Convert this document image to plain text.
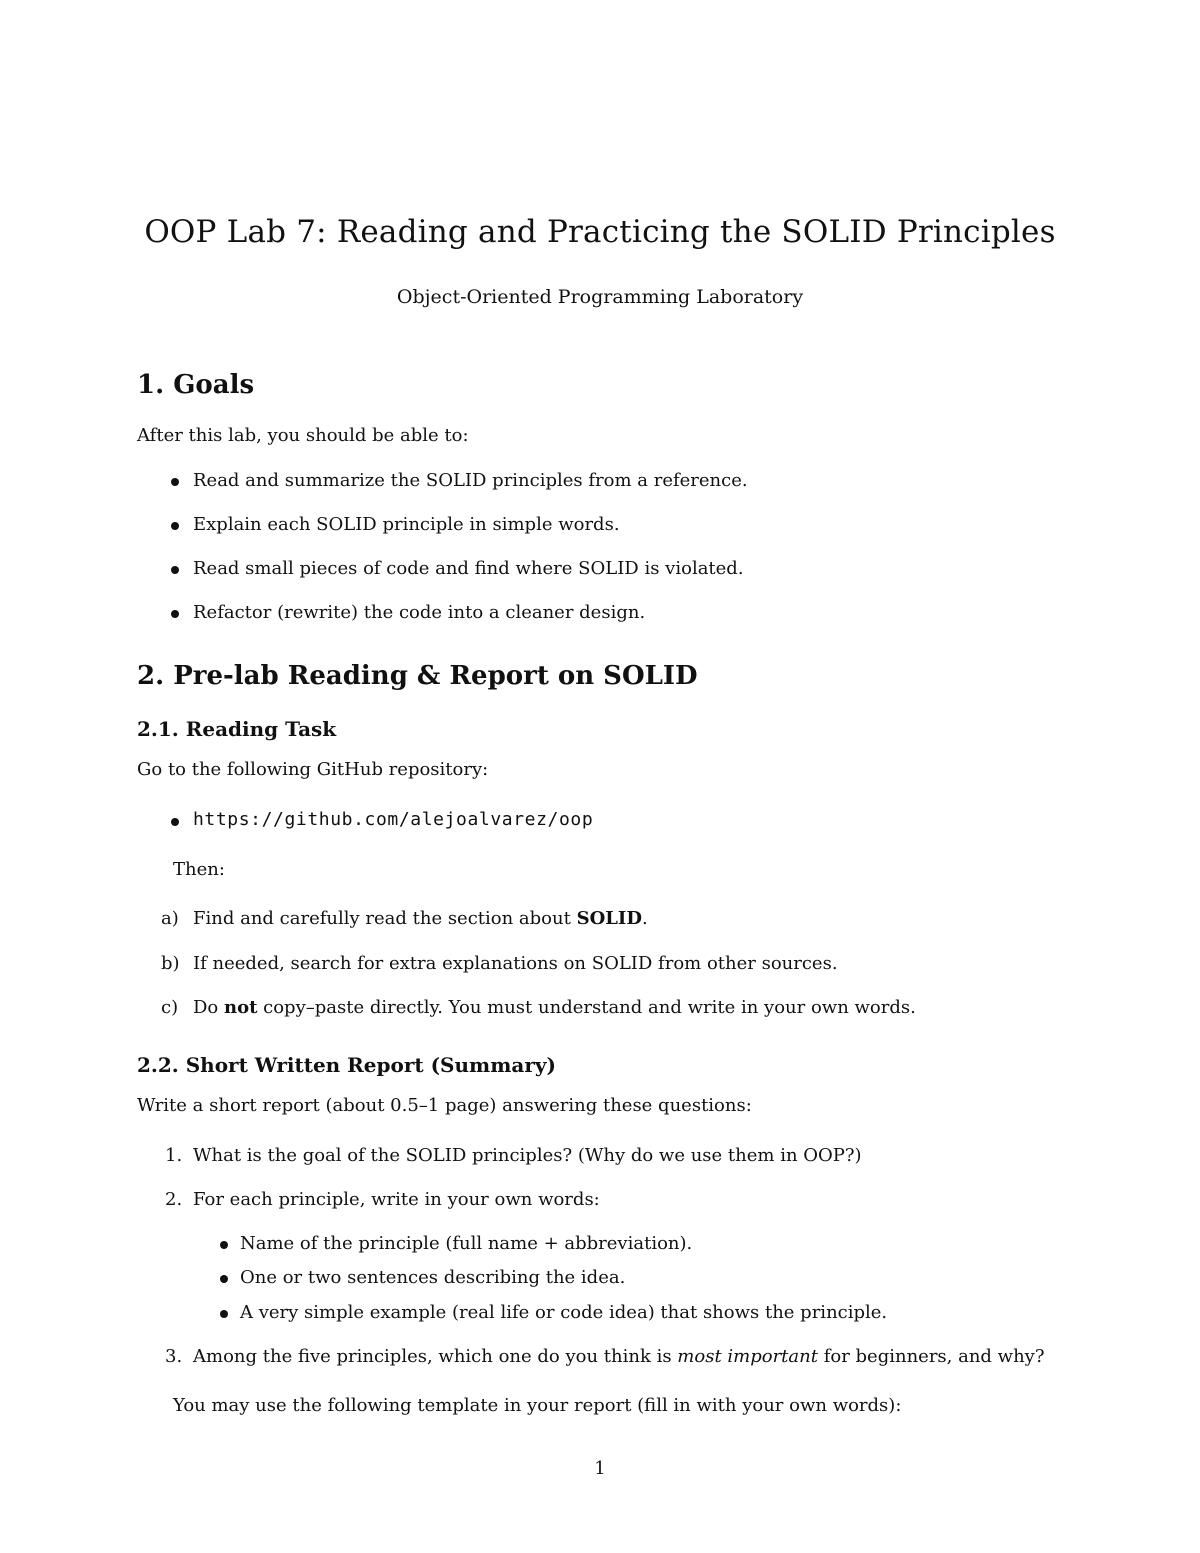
OOP Lab 7: Reading and Practicing the SOLID Principles
Object-Oriented Programming Laboratory
1. Goals
After this lab, you should be able to:
Read and summarize the SOLID principles from a reference.
Explain each SOLID principle in simple words.
Read small pieces of code and find where SOLID is violated.
Refactor (rewrite) the code into a cleaner design.
2. Pre-lab Reading & Report on SOLID
2.1. Reading Task
Go to the following GitHub repository:
https://github.com/alejoalvarez/oop
Then:
a) Find and carefully read the section about SOLID.
b) If needed, search for extra explanations on SOLID from other sources.
c) Do not copy–paste directly. You must understand and write in your own words.
2.2. Short Written Report (Summary)
Write a short report (about 0.5–1 page) answering these questions:
1. What is the goal of the SOLID principles? (Why do we use them in OOP?)
2. For each principle, write in your own words:
Name of the principle (full name + abbreviation).
One or two sentences describing the idea.
A very simple example (real life or code idea) that shows the principle.
3. Among the five principles, which one do you think is most important for beginners, and why?
You may use the following template in your report (fill in with your own words):
1
